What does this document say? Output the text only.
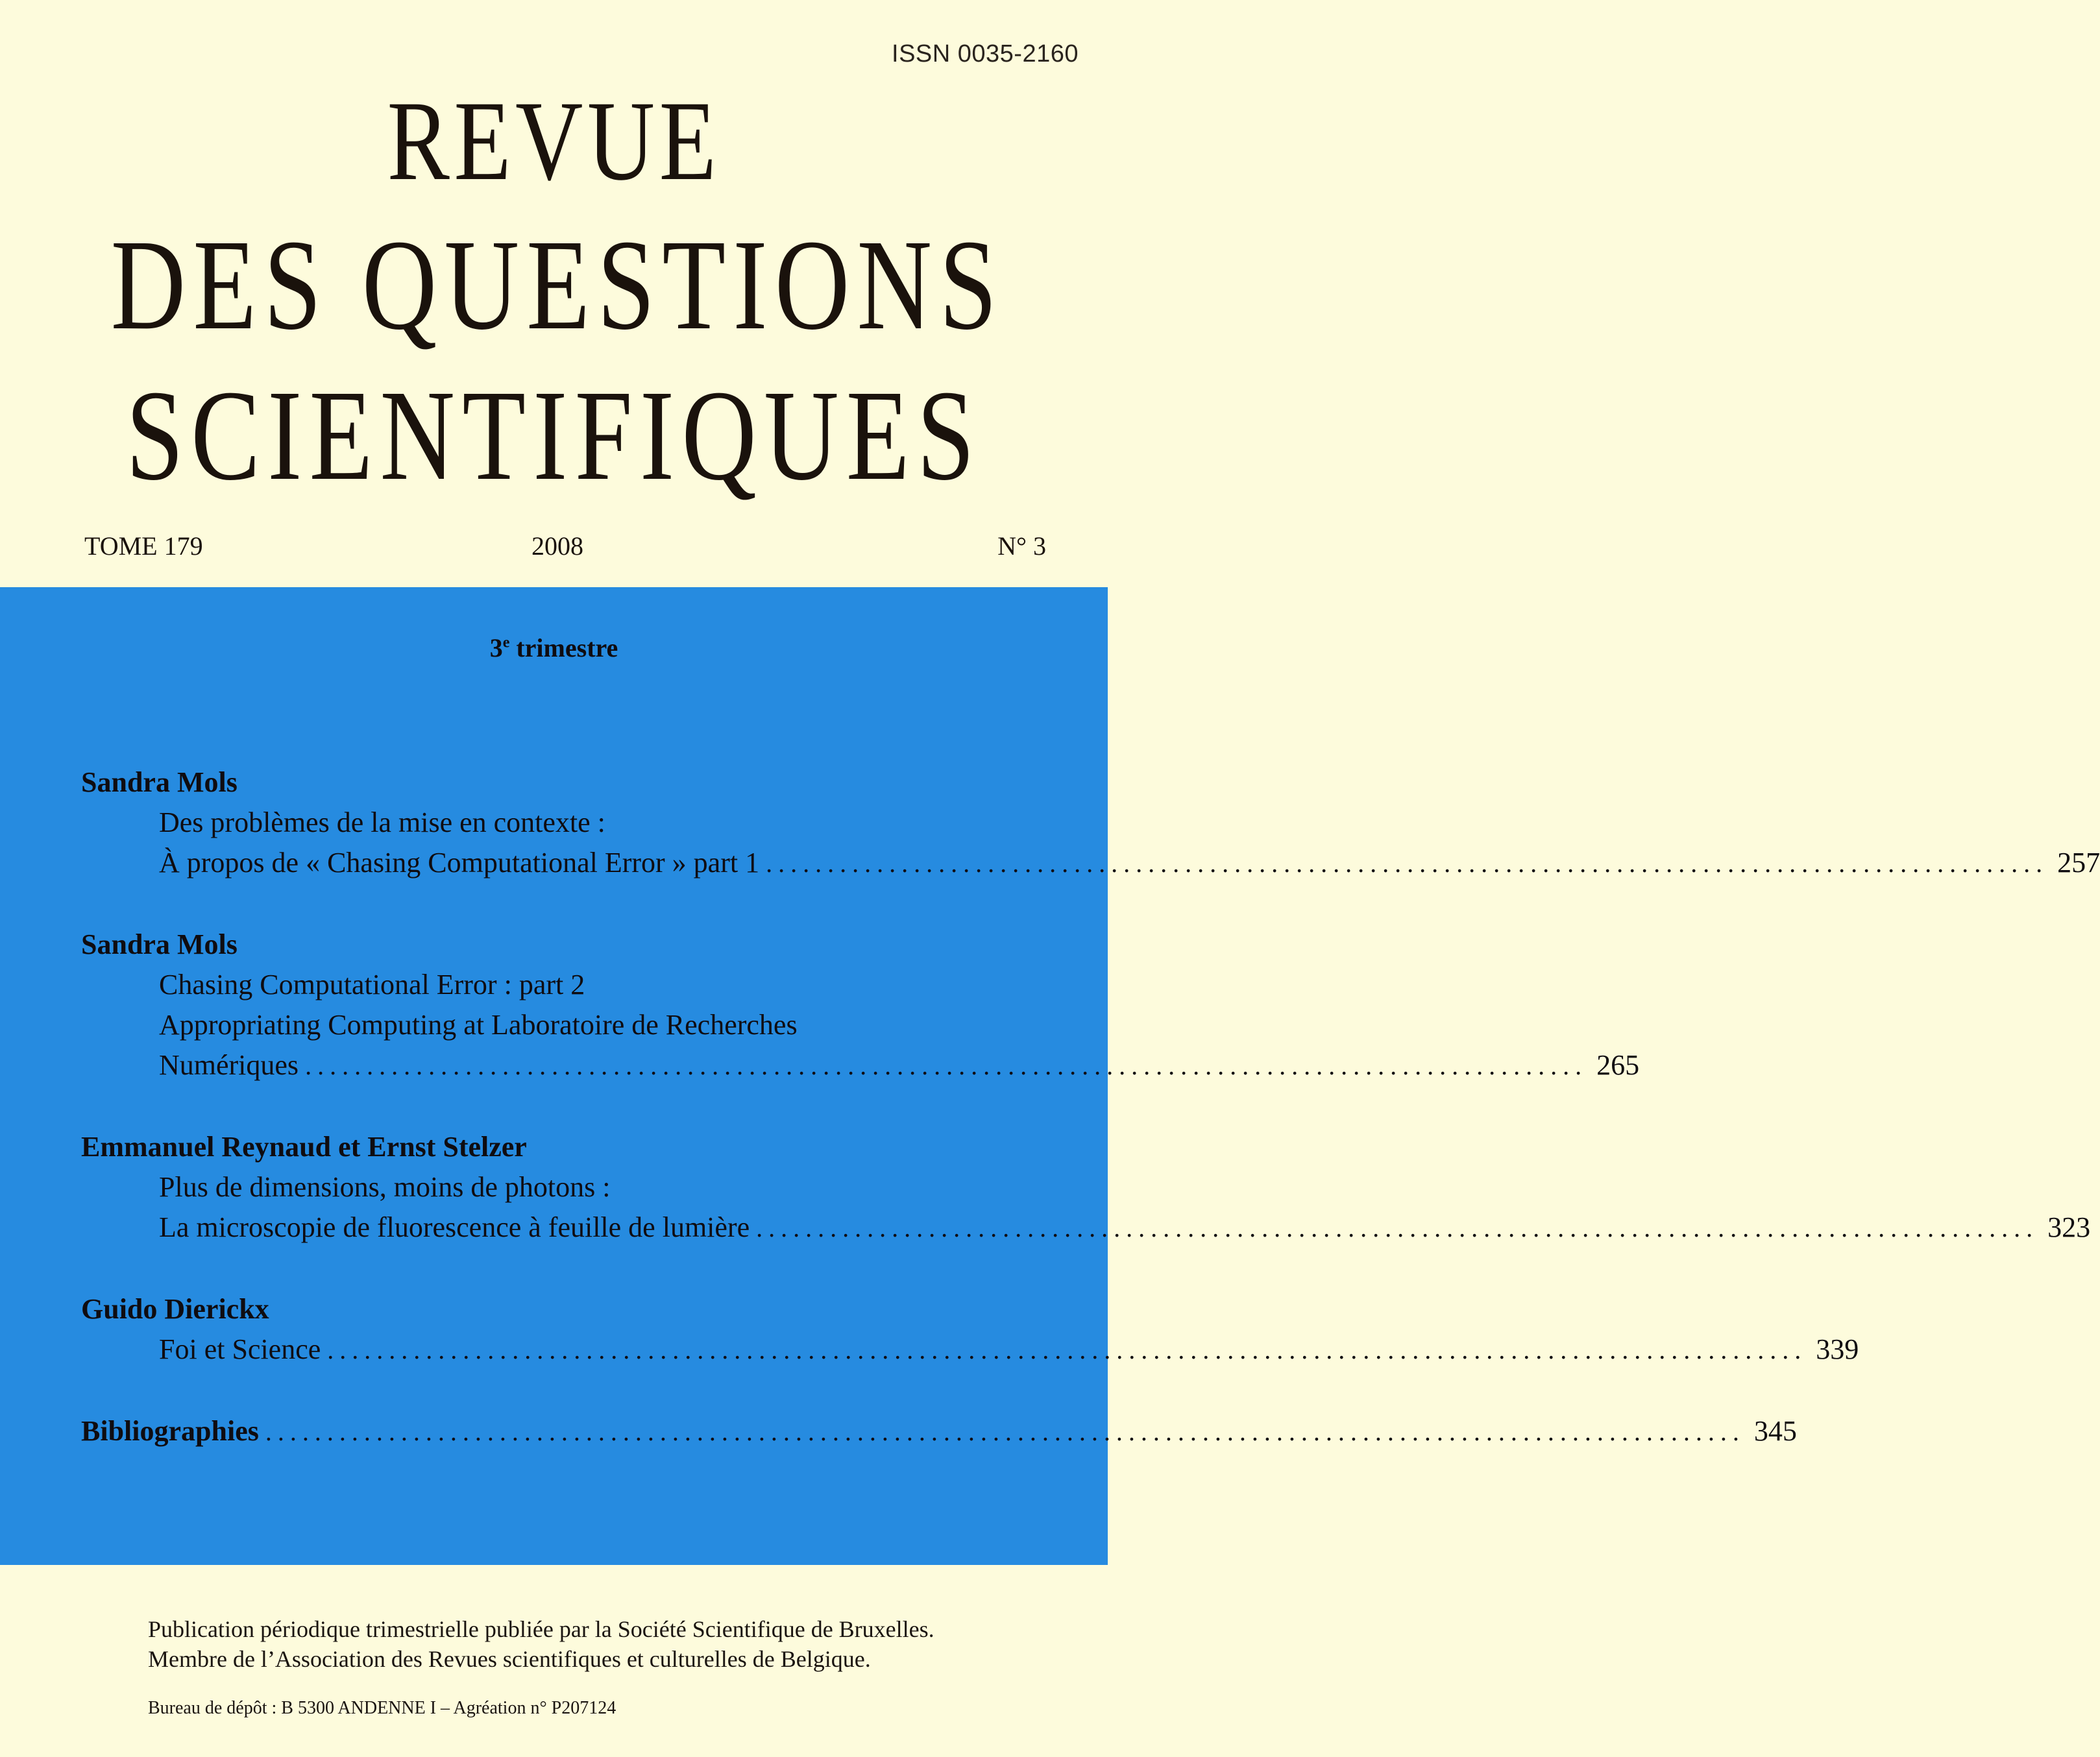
ISSN 0035-2160
REVUE
DES QUESTIONS
SCIENTIFIQUES
TOME 179	2008	N° 3
3e trimestre
Sandra Mols
Des problèmes de la mise en contexte :
À propos de « Chasing Computational Error » part 1 ........................................................................................................ 257
Sandra Mols
Chasing Computational Error : part 2
Appropriating Computing at Laboratoire de Recherches
Numériques ........................................................................................................ 265
Emmanuel Reynaud et Ernst Stelzer
Plus de dimensions, moins de photons :
La microscopie de fluorescence à feuille de lumière ........................................................................................................ 323
Guido Dierickx
Foi et Science ........................................................................................................................ 339
Bibliographies ........................................................................................................................ 345
Publication périodique trimestrielle publiée par la Société Scientifique de Bruxelles.
Membre de l’Association des Revues scientifiques et culturelles de Belgique.
Bureau de dépôt : B 5300 ANDENNE I – Agréation n° P207124
